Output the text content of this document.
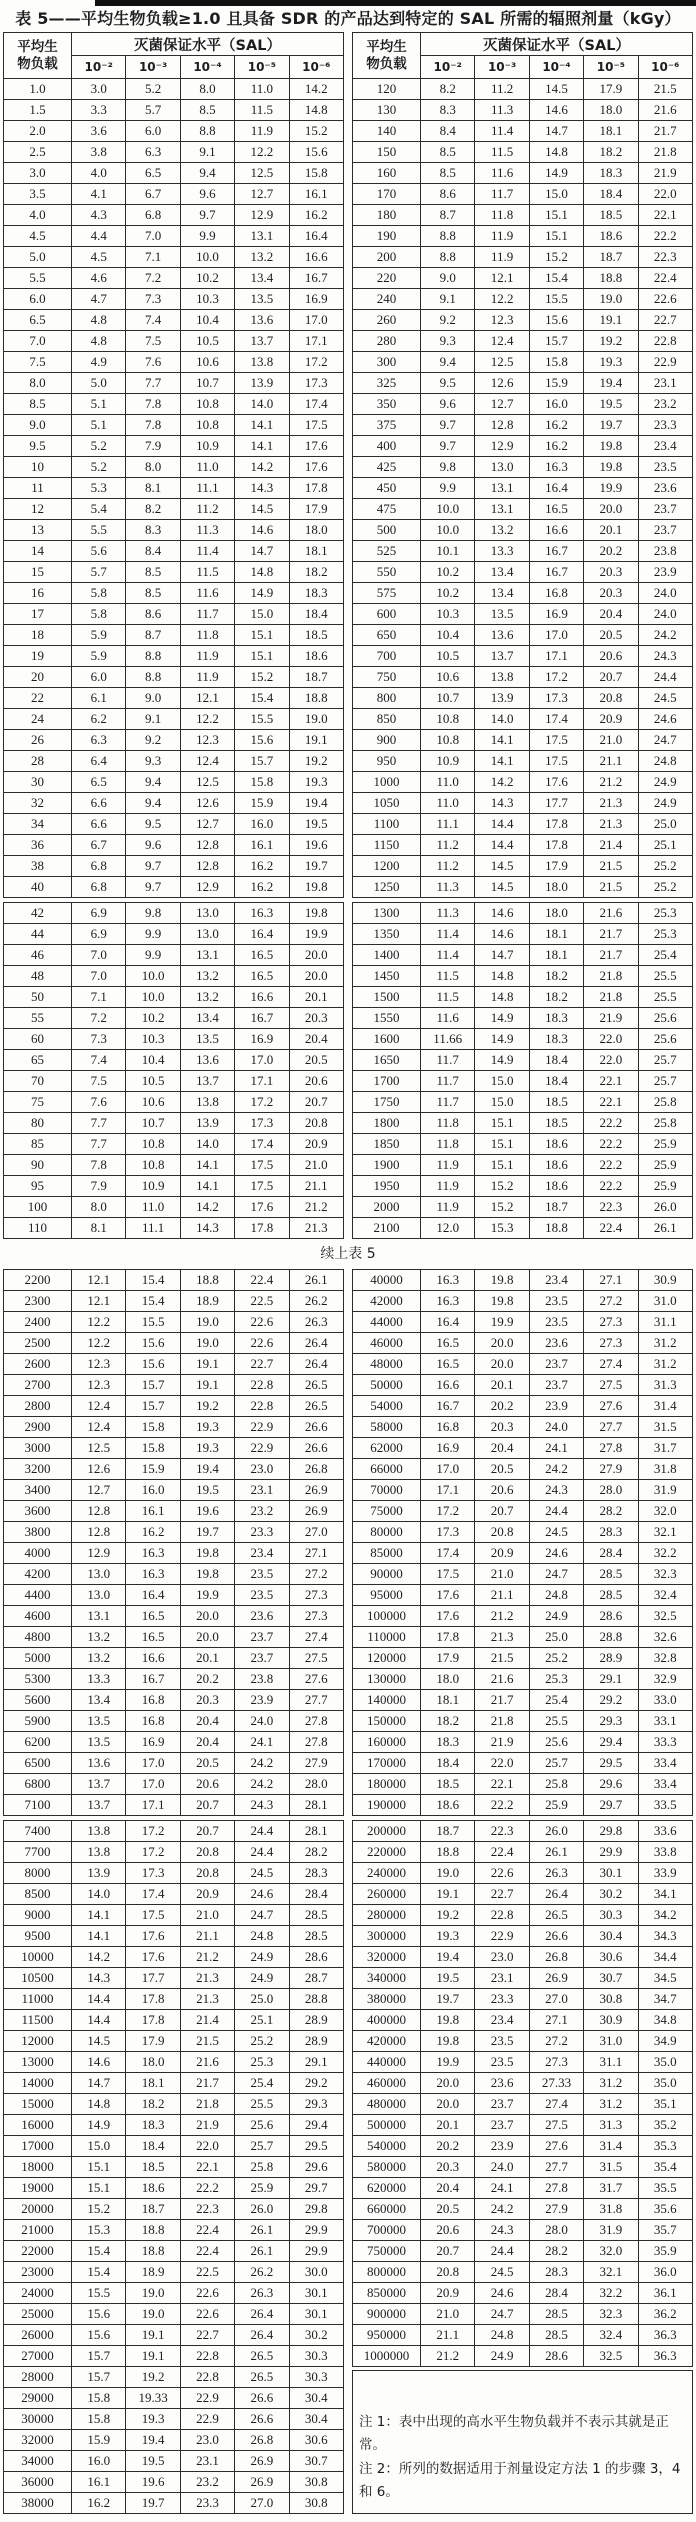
表 5——平均生物负载≥1.0 且具备 SDR 的产品达到特定的 SAL 所需的辐照剂量（kGy）
平均生
物负载	灭菌保证水平（SAL）				
	10⁻²	10⁻³	10⁻⁴	10⁻⁵	10⁻⁶
1.0	3.0	5.2	8.0	11.0	14.2
1.5	3.3	5.7	8.5	11.5	14.8
2.0	3.6	6.0	8.8	11.9	15.2
2.5	3.8	6.3	9.1	12.2	15.6
3.0	4.0	6.5	9.4	12.5	15.8
3.5	4.1	6.7	9.6	12.7	16.1
4.0	4.3	6.8	9.7	12.9	16.2
4.5	4.4	7.0	9.9	13.1	16.4
5.0	4.5	7.1	10.0	13.2	16.6
5.5	4.6	7.2	10.2	13.4	16.7
6.0	4.7	7.3	10.3	13.5	16.9
6.5	4.8	7.4	10.4	13.6	17.0
7.0	4.8	7.5	10.5	13.7	17.1
7.5	4.9	7.6	10.6	13.8	17.2
8.0	5.0	7.7	10.7	13.9	17.3
8.5	5.1	7.8	10.8	14.0	17.4
9.0	5.1	7.8	10.8	14.1	17.5
9.5	5.2	7.9	10.9	14.1	17.6
10	5.2	8.0	11.0	14.2	17.6
11	5.3	8.1	11.1	14.3	17.8
12	5.4	8.2	11.2	14.5	17.9
13	5.5	8.3	11.3	14.6	18.0
14	5.6	8.4	11.4	14.7	18.1
15	5.7	8.5	11.5	14.8	18.2
16	5.8	8.5	11.6	14.9	18.3
17	5.8	8.6	11.7	15.0	18.4
18	5.9	8.7	11.8	15.1	18.5
19	5.9	8.8	11.9	15.1	18.6
20	6.0	8.8	11.9	15.2	18.7
22	6.1	9.0	12.1	15.4	18.8
24	6.2	9.1	12.2	15.5	19.0
26	6.3	9.2	12.3	15.6	19.1
28	6.4	9.3	12.4	15.7	19.2
30	6.5	9.4	12.5	15.8	19.3
32	6.6	9.4	12.6	15.9	19.4
34	6.6	9.5	12.7	16.0	19.5
36	6.7	9.6	12.8	16.1	19.6
38	6.8	9.7	12.8	16.2	19.7
40	6.8	9.7	12.9	16.2	19.8
42	6.9	9.8	13.0	16.3	19.8
44	6.9	9.9	13.0	16.4	19.9
46	7.0	9.9	13.1	16.5	20.0
48	7.0	10.0	13.2	16.5	20.0
50	7.1	10.0	13.2	16.6	20.1
55	7.2	10.2	13.4	16.7	20.3
60	7.3	10.3	13.5	16.9	20.4
65	7.4	10.4	13.6	17.0	20.5
70	7.5	10.5	13.7	17.1	20.6
75	7.6	10.6	13.8	17.2	20.7
80	7.7	10.7	13.9	17.3	20.8
85	7.7	10.8	14.0	17.4	20.9
90	7.8	10.8	14.1	17.5	21.0
95	7.9	10.9	14.1	17.5	21.1
100	8.0	11.0	14.2	17.6	21.2
110	8.1	11.1	14.3	17.8	21.3
平均生
物负载	灭菌保证水平（SAL）				
	10⁻²	10⁻³	10⁻⁴	10⁻⁵	10⁻⁶
120	8.2	11.2	14.5	17.9	21.5
130	8.3	11.3	14.6	18.0	21.6
140	8.4	11.4	14.7	18.1	21.7
150	8.5	11.5	14.8	18.2	21.8
160	8.5	11.6	14.9	18.3	21.9
170	8.6	11.7	15.0	18.4	22.0
180	8.7	11.8	15.1	18.5	22.1
190	8.8	11.9	15.1	18.6	22.2
200	8.8	11.9	15.2	18.7	22.3
220	9.0	12.1	15.4	18.8	22.4
240	9.1	12.2	15.5	19.0	22.6
260	9.2	12.3	15.6	19.1	22.7
280	9.3	12.4	15.7	19.2	22.8
300	9.4	12.5	15.8	19.3	22.9
325	9.5	12.6	15.9	19.4	23.1
350	9.6	12.7	16.0	19.5	23.2
375	9.7	12.8	16.2	19.7	23.3
400	9.7	12.9	16.2	19.8	23.4
425	9.8	13.0	16.3	19.8	23.5
450	9.9	13.1	16.4	19.9	23.6
475	10.0	13.1	16.5	20.0	23.7
500	10.0	13.2	16.6	20.1	23.7
525	10.1	13.3	16.7	20.2	23.8
550	10.2	13.4	16.7	20.3	23.9
575	10.2	13.4	16.8	20.3	24.0
600	10.3	13.5	16.9	20.4	24.0
650	10.4	13.6	17.0	20.5	24.2
700	10.5	13.7	17.1	20.6	24.3
750	10.6	13.8	17.2	20.7	24.4
800	10.7	13.9	17.3	20.8	24.5
850	10.8	14.0	17.4	20.9	24.6
900	10.8	14.1	17.5	21.0	24.7
950	10.9	14.1	17.5	21.1	24.8
1000	11.0	14.2	17.6	21.2	24.9
1050	11.0	14.3	17.7	21.3	24.9
1100	11.1	14.4	17.8	21.3	25.0
1150	11.2	14.4	17.8	21.4	25.1
1200	11.2	14.5	17.9	21.5	25.2
1250	11.3	14.5	18.0	21.5	25.2
1300	11.3	14.6	18.0	21.6	25.3
1350	11.4	14.6	18.1	21.7	25.3
1400	11.4	14.7	18.1	21.7	25.4
1450	11.5	14.8	18.2	21.8	25.5
1500	11.5	14.8	18.2	21.8	25.5
1550	11.6	14.9	18.3	21.9	25.6
1600	11.66	14.9	18.3	22.0	25.6
1650	11.7	14.9	18.4	22.0	25.7
1700	11.7	15.0	18.4	22.1	25.7
1750	11.7	15.0	18.5	22.1	25.8
1800	11.8	15.1	18.5	22.2	25.8
1850	11.8	15.1	18.6	22.2	25.9
1900	11.9	15.1	18.6	22.2	25.9
1950	11.9	15.2	18.6	22.2	25.9
2000	11.9	15.2	18.7	22.3	26.0
2100	12.0	15.3	18.8	22.4	26.1
续上表 5
2200	12.1	15.4	18.8	22.4	26.1
2300	12.1	15.4	18.9	22.5	26.2
2400	12.2	15.5	19.0	22.6	26.3
2500	12.2	15.6	19.0	22.6	26.4
2600	12.3	15.6	19.1	22.7	26.4
2700	12.3	15.7	19.1	22.8	26.5
2800	12.4	15.7	19.2	22.8	26.5
2900	12.4	15.8	19.3	22.9	26.6
3000	12.5	15.8	19.3	22.9	26.6
3200	12.6	15.9	19.4	23.0	26.8
3400	12.7	16.0	19.5	23.1	26.9
3600	12.8	16.1	19.6	23.2	26.9
3800	12.8	16.2	19.7	23.3	27.0
4000	12.9	16.3	19.8	23.4	27.1
4200	13.0	16.3	19.8	23.5	27.2
4400	13.0	16.4	19.9	23.5	27.3
4600	13.1	16.5	20.0	23.6	27.3
4800	13.2	16.5	20.0	23.7	27.4
5000	13.2	16.6	20.1	23.7	27.5
5300	13.3	16.7	20.2	23.8	27.6
5600	13.4	16.8	20.3	23.9	27.7
5900	13.5	16.8	20.4	24.0	27.8
6200	13.5	16.9	20.4	24.1	27.8
6500	13.6	17.0	20.5	24.2	27.9
6800	13.7	17.0	20.6	24.2	28.0
7100	13.7	17.1	20.7	24.3	28.1
7400	13.8	17.2	20.7	24.4	28.1
7700	13.8	17.2	20.8	24.4	28.2
8000	13.9	17.3	20.8	24.5	28.3
8500	14.0	17.4	20.9	24.6	28.4
9000	14.1	17.5	21.0	24.7	28.5
9500	14.1	17.6	21.1	24.8	28.5
10000	14.2	17.6	21.2	24.9	28.6
10500	14.3	17.7	21.3	24.9	28.7
11000	14.4	17.8	21.3	25.0	28.8
11500	14.4	17.8	21.4	25.1	28.9
12000	14.5	17.9	21.5	25.2	28.9
13000	14.6	18.0	21.6	25.3	29.1
14000	14.7	18.1	21.7	25.4	29.2
15000	14.8	18.2	21.8	25.5	29.3
16000	14.9	18.3	21.9	25.6	29.4
17000	15.0	18.4	22.0	25.7	29.5
18000	15.1	18.5	22.1	25.8	29.6
19000	15.1	18.6	22.2	25.9	29.7
20000	15.2	18.7	22.3	26.0	29.8
21000	15.3	18.8	22.4	26.1	29.9
22000	15.4	18.8	22.4	26.1	29.9
23000	15.4	18.9	22.5	26.2	30.0
24000	15.5	19.0	22.6	26.3	30.1
25000	15.6	19.0	22.6	26.4	30.1
26000	15.6	19.1	22.7	26.4	30.2
27000	15.7	19.1	22.8	26.5	30.3
28000	15.7	19.2	22.8	26.5	30.3
29000	15.8	19.33	22.9	26.6	30.4
30000	15.8	19.3	22.9	26.6	30.4
32000	15.9	19.4	23.0	26.8	30.6
34000	16.0	19.5	23.1	26.9	30.7
36000	16.1	19.6	23.2	26.9	30.8
38000	16.2	19.7	23.3	27.0	30.8
40000	16.3	19.8	23.4	27.1	30.9
42000	16.3	19.8	23.5	27.2	31.0
44000	16.4	19.9	23.5	27.3	31.1
46000	16.5	20.0	23.6	27.3	31.2
48000	16.5	20.0	23.7	27.4	31.2
50000	16.6	20.1	23.7	27.5	31.3
54000	16.7	20.2	23.9	27.6	31.4
58000	16.8	20.3	24.0	27.7	31.5
62000	16.9	20.4	24.1	27.8	31.7
66000	17.0	20.5	24.2	27.9	31.8
70000	17.1	20.6	24.3	28.0	31.9
75000	17.2	20.7	24.4	28.2	32.0
80000	17.3	20.8	24.5	28.3	32.1
85000	17.4	20.9	24.6	28.4	32.2
90000	17.5	21.0	24.7	28.5	32.3
95000	17.6	21.1	24.8	28.5	32.4
100000	17.6	21.2	24.9	28.6	32.5
110000	17.8	21.3	25.0	28.8	32.6
120000	17.9	21.5	25.2	28.9	32.8
130000	18.0	21.6	25.3	29.1	32.9
140000	18.1	21.7	25.4	29.2	33.0
150000	18.2	21.8	25.5	29.3	33.1
160000	18.3	21.9	25.6	29.4	33.3
170000	18.4	22.0	25.7	29.5	33.4
180000	18.5	22.1	25.8	29.6	33.4
190000	18.6	22.2	25.9	29.7	33.5
200000	18.7	22.3	26.0	29.8	33.6
220000	18.8	22.4	26.1	29.9	33.8
240000	19.0	22.6	26.3	30.1	33.9
260000	19.1	22.7	26.4	30.2	34.1
280000	19.2	22.8	26.5	30.3	34.2
300000	19.3	22.9	26.6	30.4	34.3
320000	19.4	23.0	26.8	30.6	34.4
340000	19.5	23.1	26.9	30.7	34.5
380000	19.7	23.3	27.0	30.8	34.7
400000	19.8	23.4	27.1	30.9	34.8
420000	19.8	23.5	27.2	31.0	34.9
440000	19.9	23.5	27.3	31.1	35.0
460000	20.0	23.6	27.33	31.2	35.0
480000	20.0	23.7	27.4	31.2	35.1
500000	20.1	23.7	27.5	31.3	35.2
540000	20.2	23.9	27.6	31.4	35.3
580000	20.3	24.0	27.7	31.5	35.4
620000	20.4	24.1	27.8	31.7	35.5
660000	20.5	24.2	27.9	31.8	35.6
700000	20.6	24.3	28.0	31.9	35.7
750000	20.7	24.4	28.2	32.0	35.9
800000	20.8	24.5	28.3	32.1	36.0
850000	20.9	24.6	28.4	32.2	36.1
900000	21.0	24.7	28.5	32.3	36.2
950000	21.1	24.8	28.5	32.4	36.3
1000000	21.2	24.9	28.6	32.5	36.3
注 1：表中出现的高水平生物负载并不表示其就是正常。
注 2：所列的数据适用于剂量设定方法 1 的步骤 3，4 和 6。
